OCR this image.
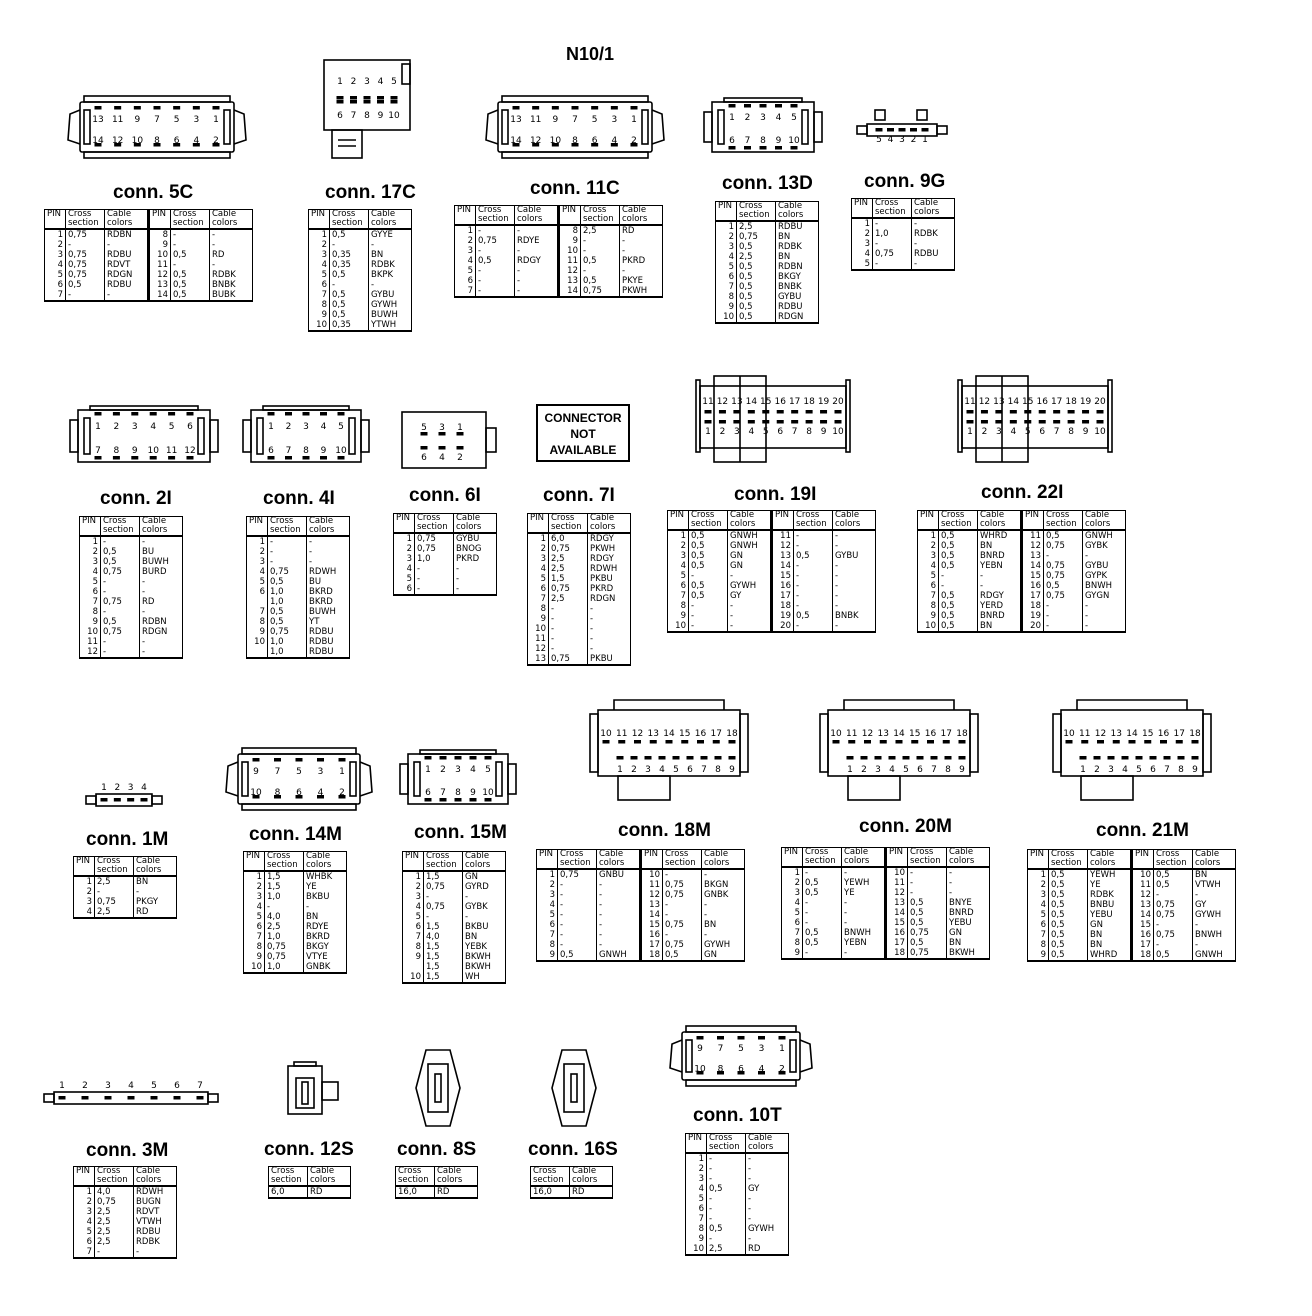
N10/1
CONNECTOR
NOT
AVAILABLE
conn. 5C
PIN	Cross
section	Cable
colors	PIN	Cross
section	Cable
colors
1	0,75	RDBN	8	-	-
2	-	-	9	-	-
3	0,75	RDBU	10	0,5	RD
4	0,75	RDVT	11	-	-
5	0,75	RDGN	12	0,5	RDBK
6	0,5	RDBU	13	0,5	BNBK
7	-	-	14	0,5	BUBK
13 11 9 7 5 3 1
14 12 10 8 6 4 2
conn. 17C
PIN	Cross
section	Cable
colors
1	0,5	GYYE
2	-	-
3	0,35	BN
4	0,35	RDBK
5	0,5	BKPK
6	-	-
7	0,5	GYBU
8	0,5	GYWH
9	0,5	BUWH
10	0,35	YTWH
1 2 3 4 5
6 7 8 9 10
conn. 11C
PIN	Cross
section	Cable
colors	PIN	Cross
section	Cable
colors
1	-	-	8	2,5	RD
2	0,75	RDYE	9	-	-
3	-	-	10	-	-
4	0,5	RDGY	11	0,5	PKRD
5	-	-	12	-	-
6	-	-	13	0,5	PKYE
7	-	-	14	0,75	PKWH
13 11 9 7 5 3 1
14 12 10 8 6 4 2
conn. 13D
PIN	Cross
section	Cable
colors
1	2,5	RDBU
2	0,75	BN
3	0,5	RDBK
4	2,5	BN
5	0,5	RDBN
6	0,5	BKGY
7	0,5	BNBK
8	0,5	GYBU
9	0,5	RDBU
10	0,5	RDGN
1 2 3 4 5
6 7 8 9 10
conn. 9G
PIN	Cross
section	Cable
colors
1	-	-
2	1,0	RDBK
3	-	-
4	0,75	RDBU
5	-	-
5 4 3 2 1
conn. 2I
PIN	Cross
section	Cable
colors
1	-	-
2	0,5	BU
3	0,5	BUWH
4	0,75	BURD
5	-	-
6	-	-
7	0,75	RD
8	-	-
9	0,5	RDBN
10	0,75	RDGN
11	-	-
12	-	-
1 2 3 4 5 6
7 8 9 10 11 12
conn. 4I
PIN	Cross
section	Cable
colors
1	-	-
2	-	-
3	-	-
4	0,75	RDWH
5	0,5	BU
6	1,0	BKRD
	1,0	BKRD
7	0,5	BUWH
8	0,5	YT
9	0,75	RDBU
10	1,0	RDBU
	1,0	RDBU
1 2 3 4 5
6 7 8 9 10
conn. 6I
PIN	Cross
section	Cable
colors
1	0,75	GYBU
2	0,75	BNOG
3	1,0	PKRD
4	-	-
5	-	-
6	-	-
5 3 1
6 4 2
conn. 7I
PIN	Cross
section	Cable
colors
1	6,0	RDGY
2	0,75	PKWH
3	2,5	RDGY
4	2,5	RDWH
5	1,5	PKBU
6	0,75	PKRD
7	2,5	RDGN
8	-	-
9	-	-
10	-	-
11	-	-
12	-	-
13	0,75	PKBU
conn. 19I
PIN	Cross
section	Cable
colors	PIN	Cross
section	Cable
colors
1	0,5	GNWH	11	-	-
2	0,5	GNWH	12	-	-
3	0,5	GN	13	0,5	GYBU
4	0,5	GN	14	-	-
5	-	-	15	-	-
6	0,5	GYWH	16	-	-
7	0,5	GY	17	-	-
8	-	-	18	-	-
9	-	-	19	0,5	BNBK
10	-	-	20	-	-
11 12 13 14 15 16 17 18 19 20
1 2 3 4 5 6 7 8 9 10
conn. 22I
PIN	Cross
section	Cable
colors	PIN	Cross
section	Cable
colors
1	0,5	WHRD	11	0,5	GNWH
2	0,5	BN	12	0,75	GYBK
3	0,5	BNRD	13	-	-
4	0,5	YEBN	14	0,75	GYBU
5	-	-	15	0,75	GYPK
6	-	-	16	0,5	BNWH
7	0,5	RDGY	17	0,75	GYGN
8	0,5	YERD	18	-	-
9	0,5	BNRD	19	-	-
10	0,5	BN	20	-	-
11 12 13 14 15 16 17 18 19 20
1 2 3 4 5 6 7 8 9 10
conn. 1M
PIN	Cross
section	Cable
colors
1	2,5	BN
2	-	-
3	0,75	PKGY
4	2,5	RD
1 2 3 4
conn. 14M
PIN	Cross
section	Cable
colors
1	1,5	WHBK
2	1,5	YE
3	1,0	BKBU
4	-	-
5	4,0	BN
6	2,5	RDYE
7	1,0	BKRD
8	0,75	BKGY
9	0,75	VTYE
10	1,0	GNBK
9 7 5 3 1
10 8 6 4 2
conn. 15M
PIN	Cross
section	Cable
colors
1	1,5	GN
2	0,75	GYRD
3	-	-
4	0,75	GYBK
5	-	-
6	1,5	BKBU
7	4,0	BN
8	1,5	YEBK
9	1,5	BKWH
	1,5	BKWH
10	1,5	WH
1 2 3 4 5
6 7 8 9 10
conn. 18M
PIN	Cross
section	Cable
colors	PIN	Cross
section	Cable
colors
1	0,75	GNBU	10	-	-
2	-	-	11	0,75	BKGN
3	-	-	12	0,75	GNBK
4	-	-	13	-	-
5	-	-	14	-	-
6	-	-	15	0,75	BN
7	-	-	16	-	-
8	-	-	17	0,75	GYWH
9	0,5	GNWH	18	0,5	GN
10 11 12 13 14 15 16 17 18
1 2 3 4 5 6 7 8 9
conn. 20M
PIN	Cross
section	Cable
colors	PIN	Cross
section	Cable
colors
1	-	-	10	-	-
2	0,5	YEWH	11	-	-
3	0,5	YE	12	-	-
4	-	-	13	0,5	BNYE
5	-	-	14	0,5	BNRD
6	-	-	15	0,5	YEBU
7	0,5	BNWH	16	0,75	GN
8	0,5	YEBN	17	0,5	BN
9	-	-	18	0,75	BKWH
10 11 12 13 14 15 16 17 18
1 2 3 4 5 6 7 8 9
conn. 21M
PIN	Cross
section	Cable
colors	PIN	Cross
section	Cable
colors
1	0,5	YEWH	10	0,5	BN
2	0,5	YE	11	0,5	VTWH
3	0,5	RDBK	12	-	-
4	0,5	BNBU	13	0,75	GY
5	0,5	YEBU	14	0,75	GYWH
6	0,5	GN	15	-	-
7	0,5	BN	16	0,75	BNWH
8	0,5	BN	17	-	-
9	0,5	WHRD	18	0,5	GNWH
10 11 12 13 14 15 16 17 18
1 2 3 4 5 6 7 8 9
conn. 3M
PIN	Cross
section	Cable
colors
1	4,0	RDWH
2	0,75	BUGN
3	2,5	RDVT
4	2,5	VTWH
5	2,5	RDBU
6	2,5	RDBK
7	-	-
1 2 3 4 5 6 7
conn. 12S
Cross
section	Cable
colors
6,0	RD
conn. 8S
Cross
section	Cable
colors
16,0	RD
conn. 16S
Cross
section	Cable
colors
16,0	RD
conn. 10T
PIN	Cross
section	Cable
colors
1	-	-
2	-	-
3	-	-
4	0,5	GY
5	-	-
6	-	-
7	-	-
8	0,5	GYWH
9	-	-
10	2,5	RD
9 7 5 3 1
10 8 6 4 2
